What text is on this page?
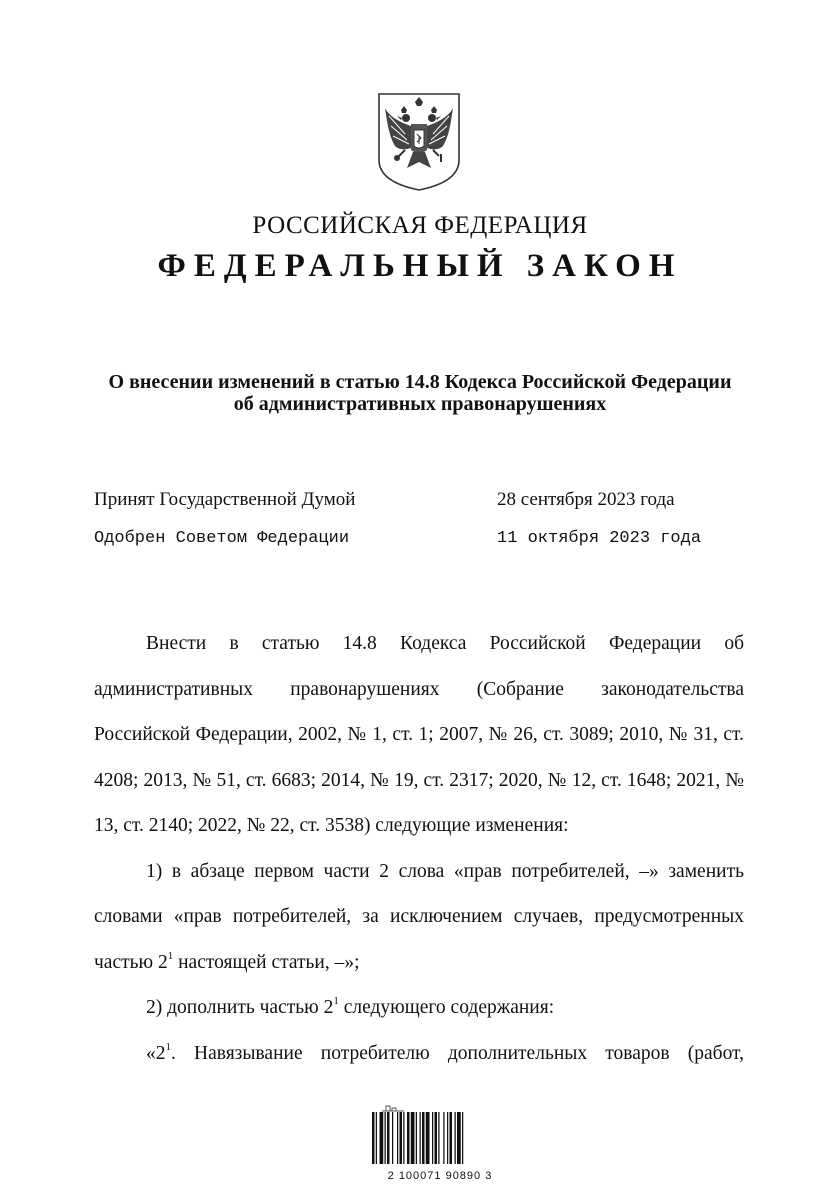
РОССИЙСКАЯ ФЕДЕРАЦИЯ
ФЕДЕРАЛЬНЫЙ ЗАКОН
О внесении изменений в статью 14.8 Кодекса Российской Федерации
об административных правонарушениях
Принят Государственной Думой	28 сентября 2023 года
Одобрен Советом Федерации	11 октября 2023 года

Внести в статью 14.8 Кодекса Российской Федерации об административных правонарушениях (Собрание законодательства Российской Федерации, 2002, № 1, ст. 1; 2007, № 26, ст. 3089; 2010, № 31, ст. 4208; 2013, № 51, ст. 6683; 2014, № 19, ст. 2317; 2020, № 12, ст. 1648; 2021, № 13, ст. 2140; 2022, № 22, ст. 3538) следующие изменения:

1) в абзаце первом части 2 слова «прав потребителей, –» заменить словами «прав потребителей, за исключением случаев, предусмотренных частью $2^1$ настоящей статьи, –»;

2) дополнить частью $2^1$ следующего содержания:

«$2^1$. Навязывание потребителю дополнительных товаров (работ,

2 100071 90890 3
